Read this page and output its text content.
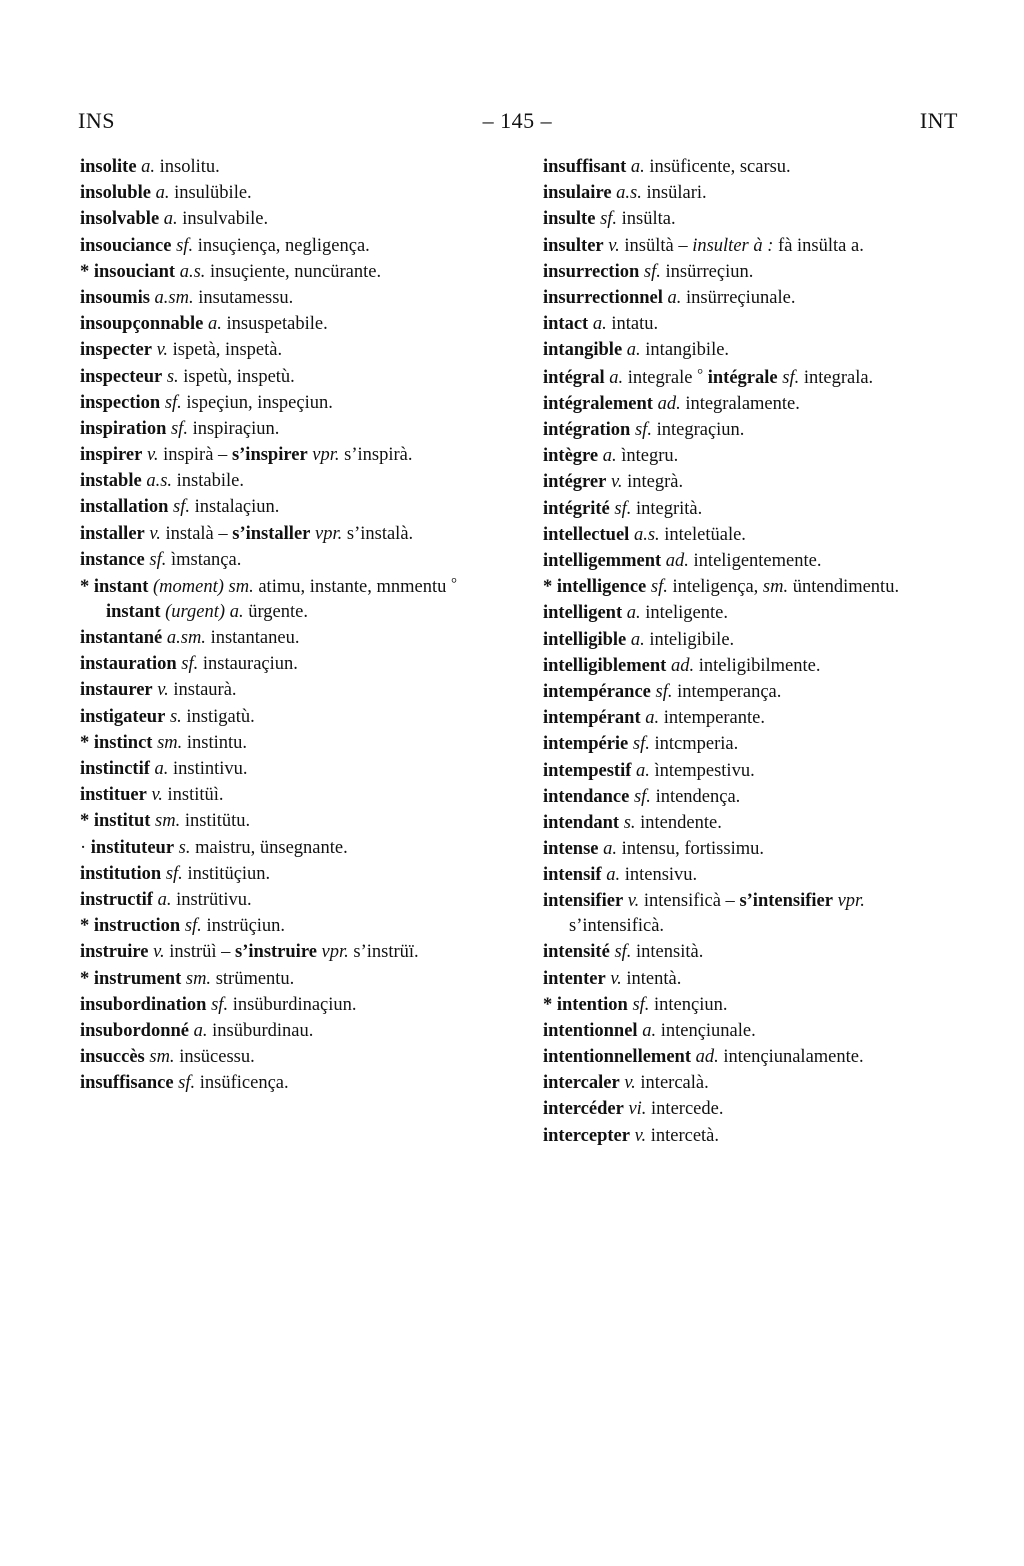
INS	– 145 –	INT
insolite a. insolitu.
insoluble a. insulübile.
insolvable a. insulvabile.
insouciance sf. insuçiença, negligença.
* insouciant a.s. insuçiente, nuncürante.
insoumis a.sm. insutamessu.
insoupçonnable a. insuspetabile.
inspecter v. ispetà, inspetà.
inspecteur s. ispetù, inspetù.
inspection sf. ispeçiun, inspeçiun.
inspiration sf. inspiraçiun.
inspirer v. inspirà – s’inspirer vpr. s’inspirà.
instable a.s. instabile.
installation sf. instalaçiun.
installer v. instalà – s’installer vpr. s’instalà.
instance sf. ìmstança.
* instant (moment) sm. atimu, instante, mnmentu ° instant (urgent) a. ürgente.
instantané a.sm. instantaneu.
instauration sf. instauraçiun.
instaurer v. instaurà.
instigateur s. instigatù.
* instinct sm. instintu.
instinctif a. instintivu.
instituer v. institüì.
* institut sm. institütu.
· instituteur s. maistru, ünsegnante.
institution sf. institüçiun.
instructif a. instrütivu.
* instruction sf. instrüçiun.
instruire v. instrüì – s’instruire vpr. s’instrüï.
* instrument sm. strümentu.
insubordination sf. insüburdinaçiun.
insubordonné a. insüburdinau.
insuccès sm. insücessu.
insuffisance sf. insüficença.
insuffisant a. insüficente, scarsu.
insulaire a.s. insülari.
insulte sf. insülta.
insulter v. insültà – insulter à : fà insülta a.
insurrection sf. insürreçiun.
insurrectionnel a. insürreçiunale.
intact a. intatu.
intangible a. intangibile.
intégral a. integrale ° intégrale sf. integrala.
intégralement ad. integralamente.
intégration sf. integraçiun.
intègre a. ìntegru.
intégrer v. integrà.
intégrité sf. integrità.
intellectuel a.s. inteletüale.
intelligemment ad. inteligentemente.
* intelligence sf. inteligença, sm. üntendimentu.
intelligent a. inteligente.
intelligible a. inteligibile.
intelligiblement ad. inteligibilmente.
intempérance sf. intemperança.
intempérant a. intemperante.
intempérie sf. intcmperia.
intempestif a. ìntempestivu.
intendance sf. intendença.
intendant s. intendente.
intense a. intensu, fortissimu.
intensif a. intensivu.
intensifier v. intensificà – s’intensifier vpr. s’intensificà.
intensité sf. intensità.
intenter v. intentà.
* intention sf. intençiun.
intentionnel a. intençiunale.
intentionnellement ad. intençiunalamente.
intercaler v. intercalà.
intercéder vi. intercede.
intercepter v. intercetà.
